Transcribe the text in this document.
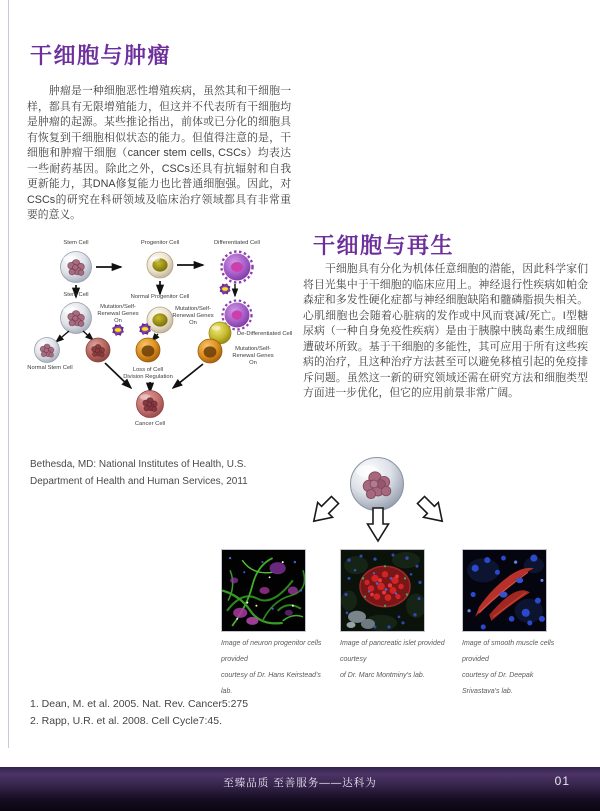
干细胞与肿瘤

肿瘤是一种细胞恶性增殖疾病，虽然其和干细胞一样，都具有无限增殖能力，但这并不代表所有干细胞均是肿瘤的起源。某些推论指出，前体或已分化的细胞具有恢复到干细胞相似状态的能力。但值得注意的是，干细胞和肿瘤干细胞（cancer stem cells, CSCs）均表达一些耐药基因。除此之外，CSCs还具有抗辐射和自我更新能力，其DNA修复能力也比普通细胞强。因此，对CSCs的研究在科研领域及临床治疗领域都具有非常重要的意义。

Stem Cell	Progenitor Cell	Differentiated Cell
Stem Cell	Normal Progenitor Cell
De-Differentiated Cell
Mutation/Self-
Renewal Genes
On
Mutation/Self-
Renewal Genes
On
Normal Stem Cell	Loss of Cell
Division Regulation
Mutation/Self-
Renewal Genes
On
Cancer Cell
干细胞与再生

干细胞具有分化为机体任意细胞的潜能，因此科学家们将目光集中于干细胞的临床应用上。神经退行性疾病如帕金森症和多发性硬化症都与神经细胞缺陷和髓磷脂损失相关。心肌细胞也会随着心脏病的发作或中风而衰减/死亡。I型糖尿病（一种自身免疫性疾病）是由于胰腺中胰岛素生成细胞遭破坏所致。基于干细胞的多能性，其可应用于所有这些疾病的治疗，且这种治疗方法甚至可以避免移植引起的免疫排斥问题。虽然这一新的研究领域还需在研究方法和细胞类型方面进一步优化，但它的应用前景非常广阔。

Bethesda, MD: National Institutes of Health, U.S.
Department of Health and Human Services, 2011
Image of neuron progenitor cells provided
courtesy of Dr. Hans Keirstead's lab.
Image of pancreatic islet provided courtesy
of Dr. Marc Montminy's lab.
Image of smooth muscle cells provided
courtesy of Dr. Deepak Srivastava's lab.
1. Dean, M. et al. 2005. Nat. Rev. Cancer5:275
2. Rapp, U.R. et al. 2008. Cell Cycle7:45.
至臻品质 至善服务——达科为	01
